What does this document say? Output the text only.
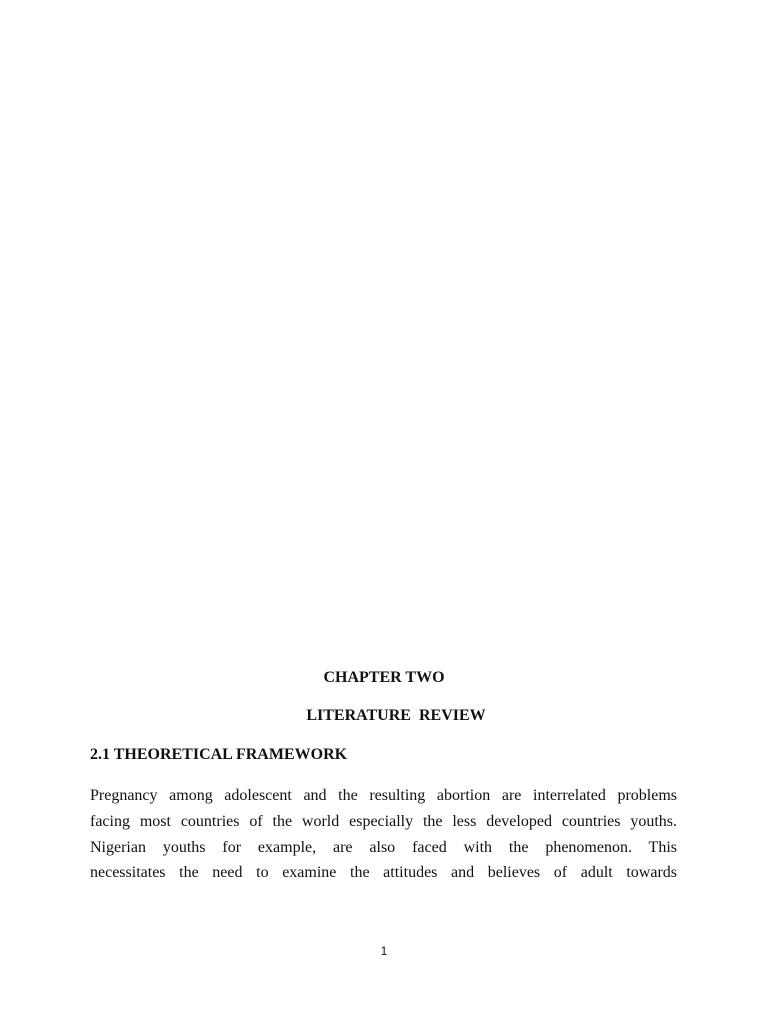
CHAPTER TWO
LITERATURE  REVIEW
2.1 THEORETICAL FRAMEWORK
Pregnancy among adolescent and the resulting abortion are interrelated problems
facing most countries of the world especially the less developed countries youths.
Nigerian youths for example, are also faced with the phenomenon. This
necessitates the need to examine the attitudes and believes of adult towards
1
